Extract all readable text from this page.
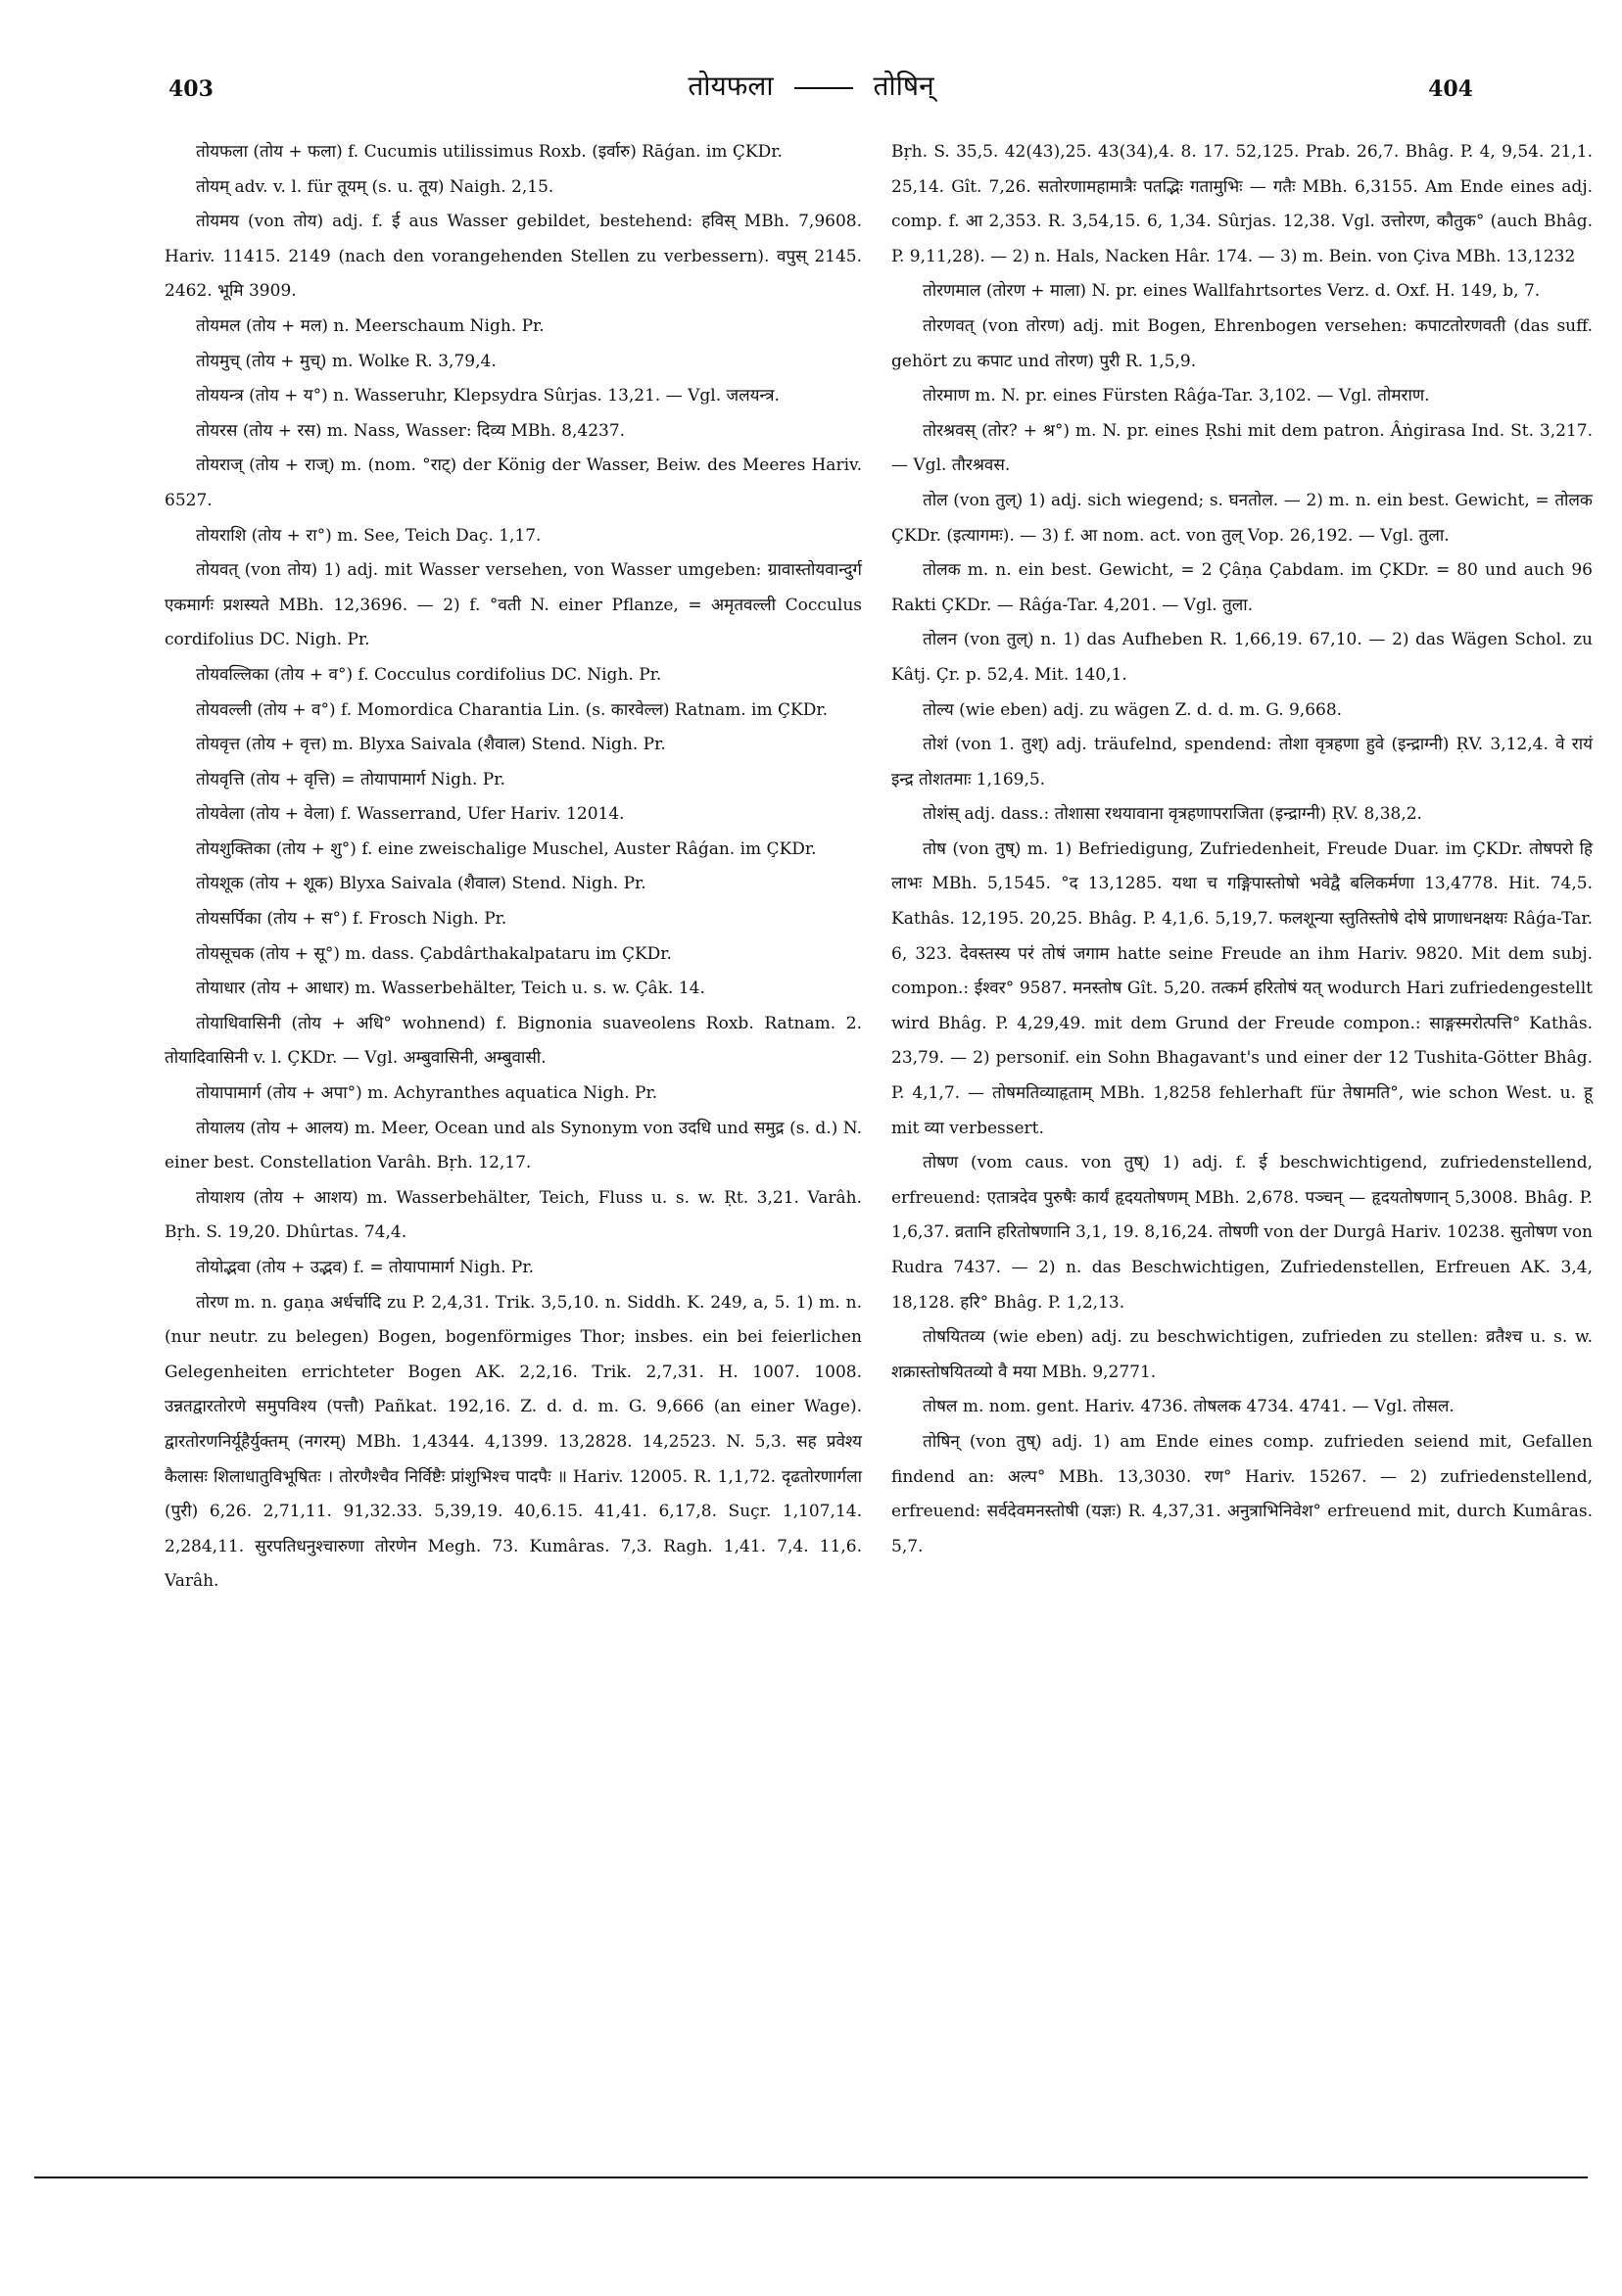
403	तोयफला	तोषिन्	404

तोयफला (तोय + फला) f. Cucumis utilissimus Roxb. (इर्वारु) Rāǵan. im ÇKDr.

तोयम् adv. v. l. für तूयम् (s. u. तूय) Naigh. 2,15.

तोयमय (von तोय) adj. f. ई aus Wasser gebildet, bestehend: हविस् MBh. 7,9608. Hariv. 11415. 2149 (nach den vorangehenden Stellen zu verbessern). वपुस् 2145. 2462. भूमि 3909.

तोयमल (तोय + मल) n. Meerschaum Nigh. Pr.

तोयमुच् (तोय + मुच्) m. Wolke R. 3,79,4.

तोययन्त्र (तोय + य°) n. Wasseruhr, Klepsydra Sûrjas. 13,21. — Vgl. जलयन्त्र.

तोयरस (तोय + रस) m. Nass, Wasser: दिव्य MBh. 8,4237.

तोयराज् (तोय + राज्) m. (nom. °राट्) der König der Wasser, Beiw. des Meeres Hariv. 6527.

तोयराशि (तोय + रा°) m. See, Teich Daç. 1,17.

तोयवत् (von तोय) 1) adj. mit Wasser versehen, von Wasser umgeben: ग्रावास्तोयवान्दुर्ग एकमार्गः प्रशस्यते MBh. 12,3696. — 2) f. °वती N. einer Pflanze, = अमृतवल्ली Cocculus cordifolius DC. Nigh. Pr.

तोयवल्लिका (तोय + व°) f. Cocculus cordifolius DC. Nigh. Pr.

तोयवल्ली (तोय + व°) f. Momordica Charantia Lin. (s. कारवेल्ल) Ratnam. im ÇKDr.

तोयवृत्त (तोय + वृत्त) m. Blyxa Saivala (शैवाल) Stend. Nigh. Pr.

तोयवृत्ति (तोय + वृत्ति) = तोयापामार्ग Nigh. Pr.

तोयवेला (तोय + वेला) f. Wasserrand, Ufer Hariv. 12014.

तोयशुक्तिका (तोय + शु°) f. eine zweischalige Muschel, Auster Râǵan. im ÇKDr.

तोयशूक (तोय + शूक) Blyxa Saivala (शैवाल) Stend. Nigh. Pr.

तोयसर्पिका (तोय + स°) f. Frosch Nigh. Pr.

तोयसूचक (तोय + सू°) m. dass. Çabdârthakalpataru im ÇKDr.

तोयाधार (तोय + आधार) m. Wasserbehälter, Teich u. s. w. Çâk. 14.

तोयाधिवासिनी (तोय + अधि° wohnend) f. Bignonia suaveolens Roxb. Ratnam. 2. तोयादिवासिनी v. l. ÇKDr. — Vgl. अम्बुवासिनी, अम्बुवासी.

तोयापामार्ग (तोय + अपा°) m. Achyranthes aquatica Nigh. Pr.

तोयालय (तोय + आलय) m. Meer, Ocean und als Synonym von उदधि und समुद्र (s. d.) N. einer best. Constellation Varâh. Bṛh. 12,17.

तोयाशय (तोय + आशय) m. Wasserbehälter, Teich, Fluss u. s. w. Ṛt. 3,21. Varâh. Bṛh. S. 19,20. Dhûrtas. 74,4.

तोयोद्भवा (तोय + उद्भव) f. = तोयापामार्ग Nigh. Pr.

तोरण m. n. gaṇa अर्धर्चादि zu P. 2,4,31. Trik. 3,5,10. n. Siddh. K. 249, a, 5. 1) m. n. (nur neutr. zu belegen) Bogen, bogenförmiges Thor; insbes. ein bei feierlichen Gelegenheiten errichteter Bogen AK. 2,2,16. Trik. 2,7,31. H. 1007. 1008. उन्नतद्वारतोरणे समुपविश्य (पत्तौ) Pañkat. 192,16. Z. d. d. m. G. 9,666 (an einer Wage). द्वारतोरणनिर्यूहैर्युक्तम् (नगरम्) MBh. 1,4344. 4,1399. 13,2828. 14,2523. N. 5,3. सह प्रवेश्य कैलासः शिलाधातुविभूषितः । तोरणैश्चैव निर्विष्टैः प्रांशुभिश्च पादपैः ॥ Hariv. 12005. R. 1,1,72. दृढतोरणार्गला (पुरी) 6,26. 2,71,11. 91,32.33. 5,39,19. 40,6.15. 41,41. 6,17,8. Suçr. 1,107,14. 2,284,11. सुरपतिधनुश्चारुणा तोरणेन Megh. 73. Kumâras. 7,3. Ragh. 1,41. 7,4. 11,6. Varâh.

Bṛh. S. 35,5. 42(43),25. 43(34),4. 8. 17. 52,125. Prab. 26,7. Bhâg. P. 4, 9,54. 21,1. 25,14. Gît. 7,26. सतोरणामहामात्रैः पतद्भिः गतामुभिः — गतैः MBh. 6,3155. Am Ende eines adj. comp. f. आ 2,353. R. 3,54,15. 6, 1,34. Sûrjas. 12,38. Vgl. उत्तोरण, कौतुक° (auch Bhâg. P. 9,11,28). — 2) n. Hals, Nacken Hâr. 174. — 3) m. Bein. von Çiva MBh. 13,1232

तोरणमाल (तोरण + माला) N. pr. eines Wallfahrtsortes Verz. d. Oxf. H. 149, b, 7.

तोरणवत् (von तोरण) adj. mit Bogen, Ehrenbogen versehen: कपाटतोरणवती (das suff. gehört zu कपाट und तोरण) पुरी R. 1,5,9.

तोरमाण m. N. pr. eines Fürsten Râǵa-Tar. 3,102. — Vgl. तोमराण.

तोरश्रवस् (तोर? + श्र°) m. N. pr. eines Ṛshi mit dem patron. Âṅgirasa Ind. St. 3,217. — Vgl. तौरश्रवस.

तोल (von तुल्) 1) adj. sich wiegend; s. घनतोल. — 2) m. n. ein best. Gewicht, = तोलक ÇKDr. (इत्यागमः). — 3) f. आ nom. act. von तुल् Vop. 26,192. — Vgl. तुला.

तोलक m. n. ein best. Gewicht, = 2 Çâṇa Çabdam. im ÇKDr. = 80 und auch 96 Rakti ÇKDr. — Râǵa-Tar. 4,201. — Vgl. तुला.

तोलन (von तुल्) n. 1) das Aufheben R. 1,66,19. 67,10. — 2) das Wägen Schol. zu Kâtj. Çr. p. 52,4. Mit. 140,1.

तोल्य (wie eben) adj. zu wägen Z. d. d. m. G. 9,668.

तोशं (von 1. तुश्) adj. träufelnd, spendend: तोशा वृत्रहणा हुवे (इन्द्राग्नी) ṚV. 3,12,4. वे रायं इन्द्र तोशतमाः 1,169,5.

तोशंस् adj. dass.: तोशासा रथयावाना वृत्रहणापराजिता (इन्द्राग्नी) ṚV. 8,38,2.

तोष (von तुष्) m. 1) Befriedigung, Zufriedenheit, Freude Duar. im ÇKDr. तोषपरो हि लाभः MBh. 5,1545. °द 13,1285. यथा च गङ्गिपास्तोषो भवेद्वै बलिकर्मणा 13,4778. Hit. 74,5. Kathâs. 12,195. 20,25. Bhâg. P. 4,1,6. 5,19,7. फलशून्या स्तुतिस्तोषे दोषे प्राणाधनक्षयः Râǵa-Tar. 6, 323. देवस्तस्य परं तोषं जगाम hatte seine Freude an ihm Hariv. 9820. Mit dem subj. compon.: ईश्वर° 9587. मनस्तोष Gît. 5,20. तत्कर्म हरितोषं यत् wodurch Hari zufriedengestellt wird Bhâg. P. 4,29,49. mit dem Grund der Freude compon.: साङ्गस्मरोत्पत्ति° Kathâs. 23,79. — 2) personif. ein Sohn Bhagavant's und einer der 12 Tushita-Götter Bhâg. P. 4,1,7. — तोषमतिव्याहृताम् MBh. 1,8258 fehlerhaft für तेषामति°, wie schon West. u. हू mit व्या verbessert.

तोषण (vom caus. von तुष्) 1) adj. f. ई beschwichtigend, zufriedenstellend, erfreuend: एतात्रदेव पुरुषैः कार्यं हृदयतोषणम् MBh. 2,678. पञ्चन् — हृदयतोषणान् 5,3008. Bhâg. P. 1,6,37. व्रतानि हरितोषणानि 3,1, 19. 8,16,24. तोषणी von der Durgâ Hariv. 10238. सुतोषण von Rudra 7437. — 2) n. das Beschwichtigen, Zufriedenstellen, Erfreuen AK. 3,4, 18,128. हरि° Bhâg. P. 1,2,13.

तोषयितव्य (wie eben) adj. zu beschwichtigen, zufrieden zu stellen: व्रतैश्च u. s. w. शक्रास्तोषयितव्यो वै मया MBh. 9,2771.

तोषल m. nom. gent. Hariv. 4736. तोषलक 4734. 4741. — Vgl. तोसल.

तोषिन् (von तुष्) adj. 1) am Ende eines comp. zufrieden seiend mit, Gefallen findend an: अल्प° MBh. 13,3030. रण° Hariv. 15267. — 2) zufriedenstellend, erfreuend: सर्वदेवमनस्तोषी (यज्ञः) R. 4,37,31. अनुत्राभिनिवेश° erfreuend mit, durch Kumâras. 5,7.
